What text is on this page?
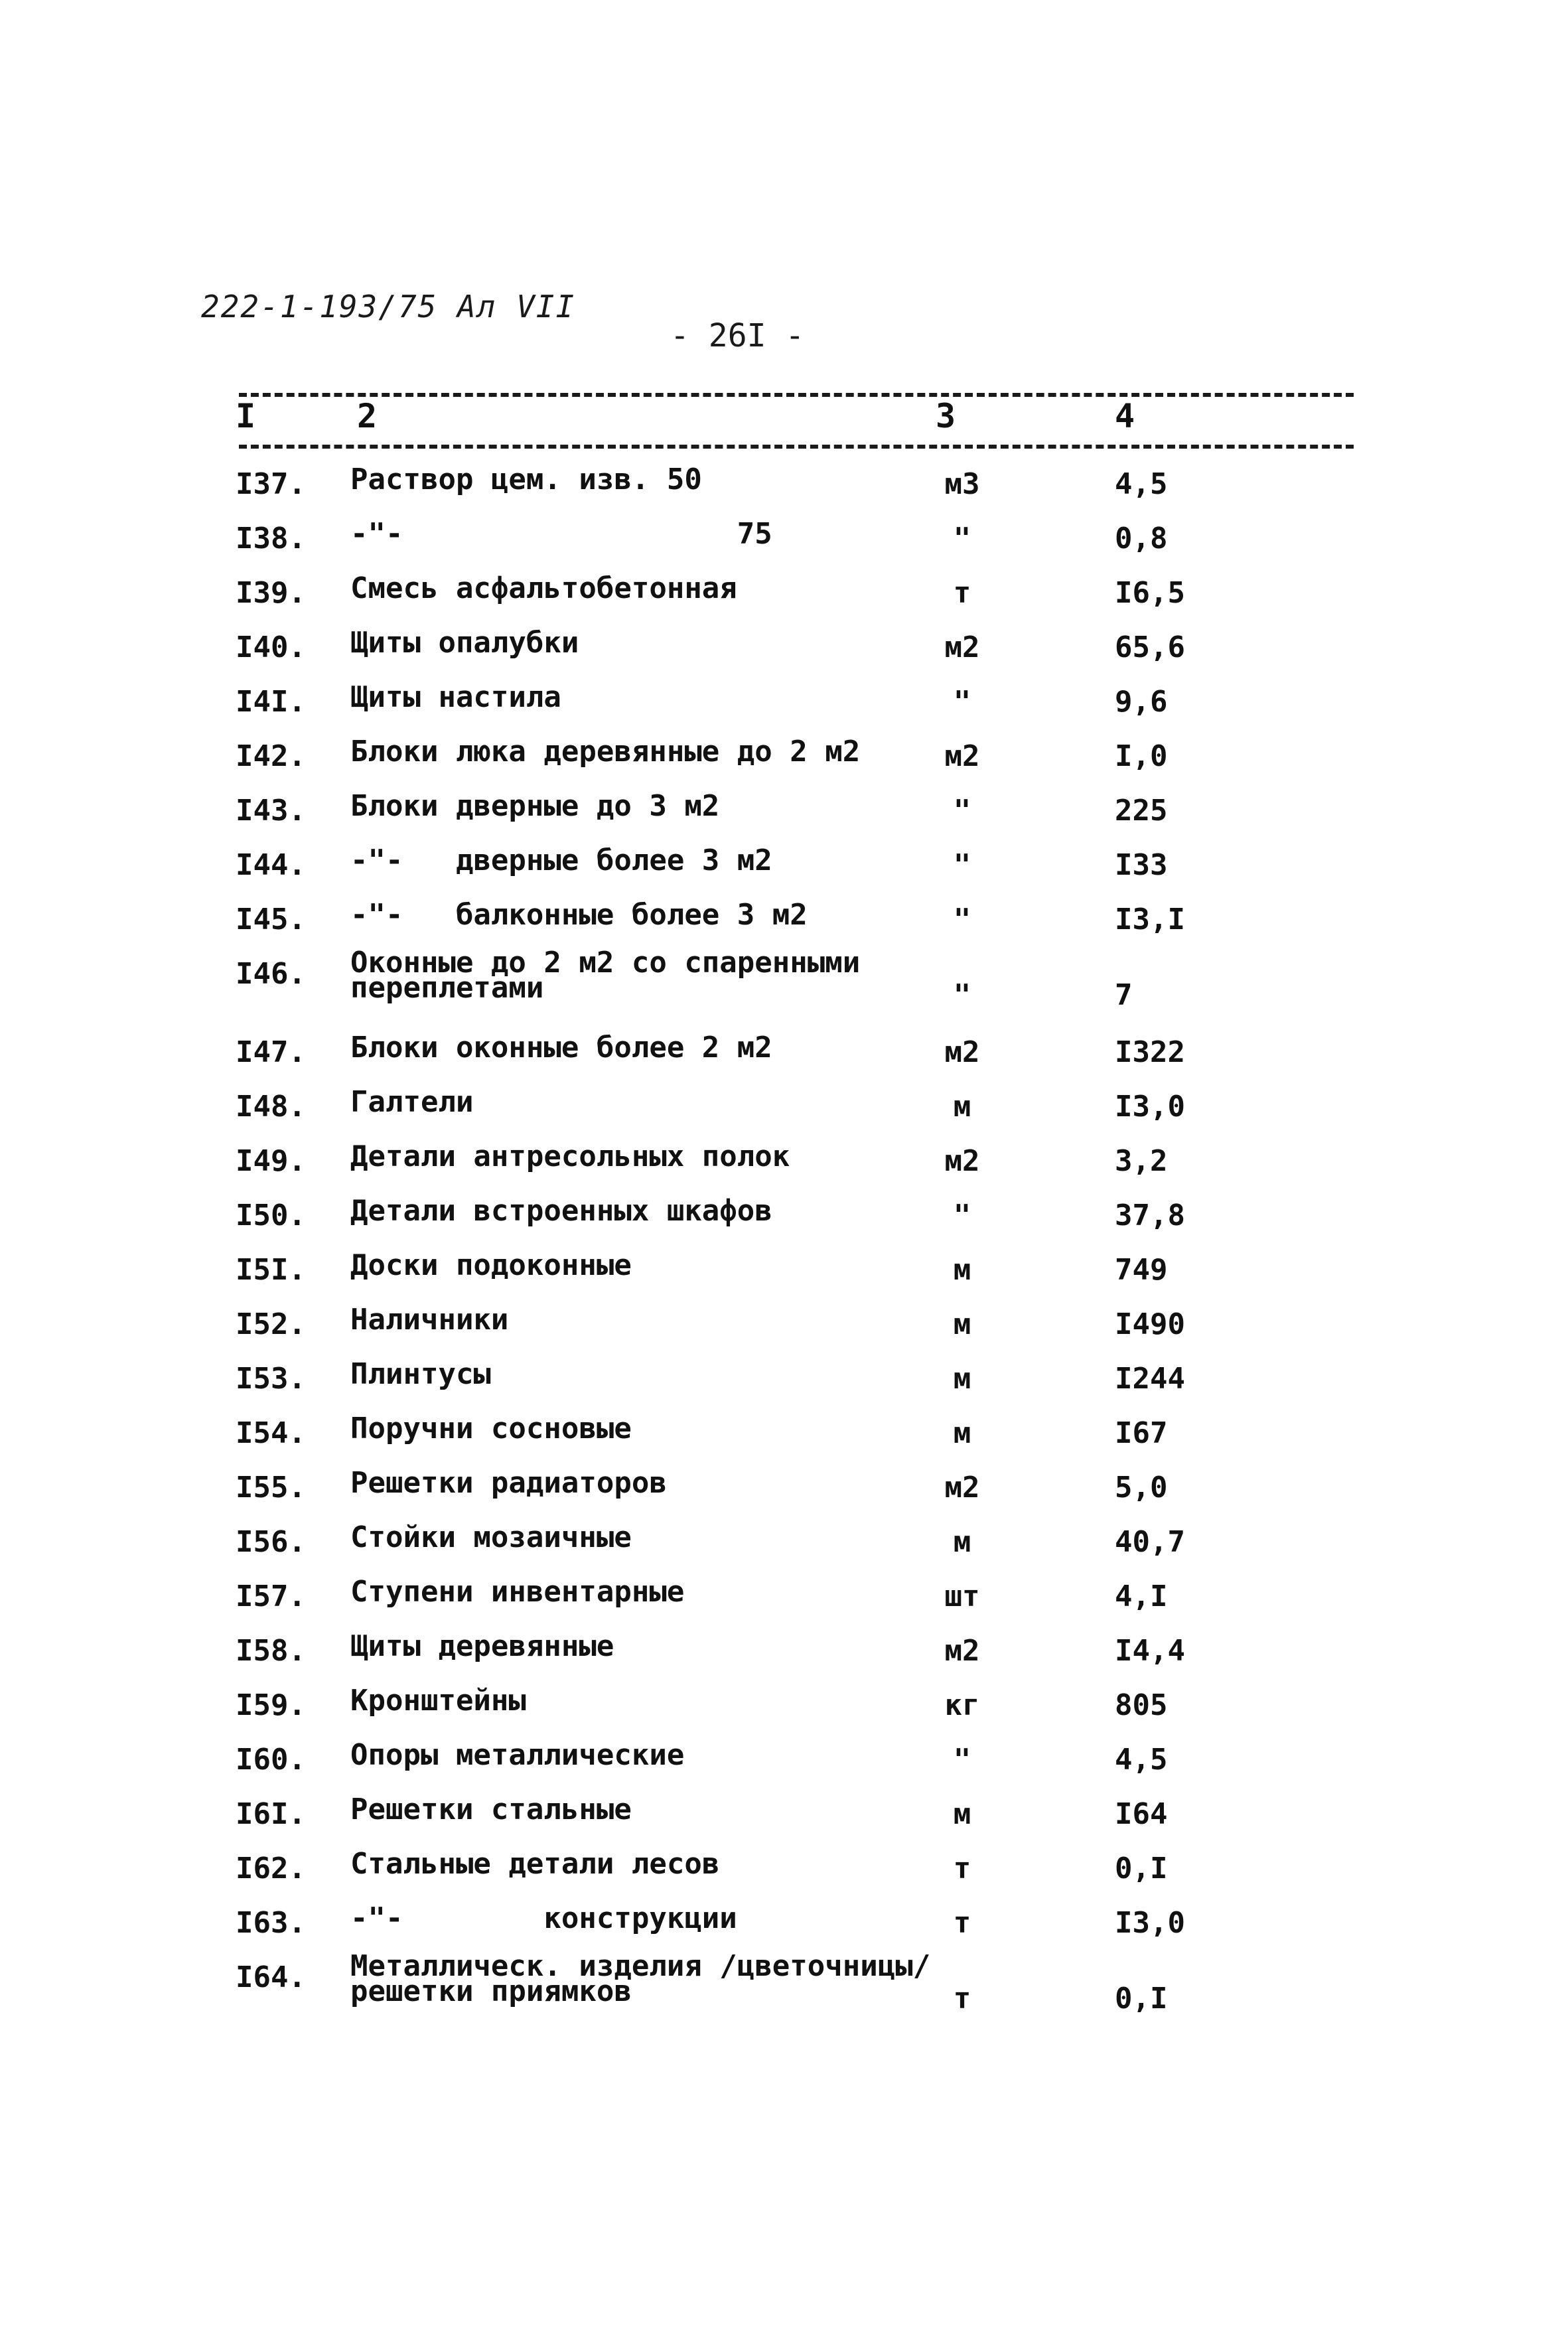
222-1-193/75 Ал VII
- 26I -
I	2	3	4
I37. Раствор цем. изв. 50	м3	4,5
I38. -"-                   75	"	0,8
I39. Смесь асфальтобетонная	т	I6,5
I40. Щиты опалубки	м2	65,6
I4I. Щиты настила	"	9,6
I42. Блоки люка деревянные до 2 м2	м2	I,0
I43. Блоки дверные до 3 м2	"	225
I44. -"-   дверные более 3 м2	"	I33
I45. -"-   балконные более 3 м2	"	I3,I
I46. Оконные до 2 м2 со спаренными
переплетами	"	7
I47. Блоки оконные более 2 м2	м2	I322
I48. Галтели	м	I3,0
I49. Детали антресольных полок	м2	3,2
I50. Детали встроенных шкафов	"	37,8
I5I. Доски подоконные	м	749
I52. Наличники	м	I490
I53. Плинтусы	м	I244
I54. Поручни сосновые	м	I67
I55. Решетки радиаторов	м2	5,0
I56. Стойки мозаичные	м	40,7
I57. Ступени инвентарные	шт	4,I
I58. Щиты деревянные	м2	I4,4
I59. Кронштейны	кг	805
I60. Опоры металлические	"	4,5
I6I. Решетки стальные	м	I64
I62. Стальные детали лесов	т	0,I
I63. -"-        конструкции	т	I3,0
I64. Металлическ. изделия /цветочницы/
решетки приямков	т	0,I
